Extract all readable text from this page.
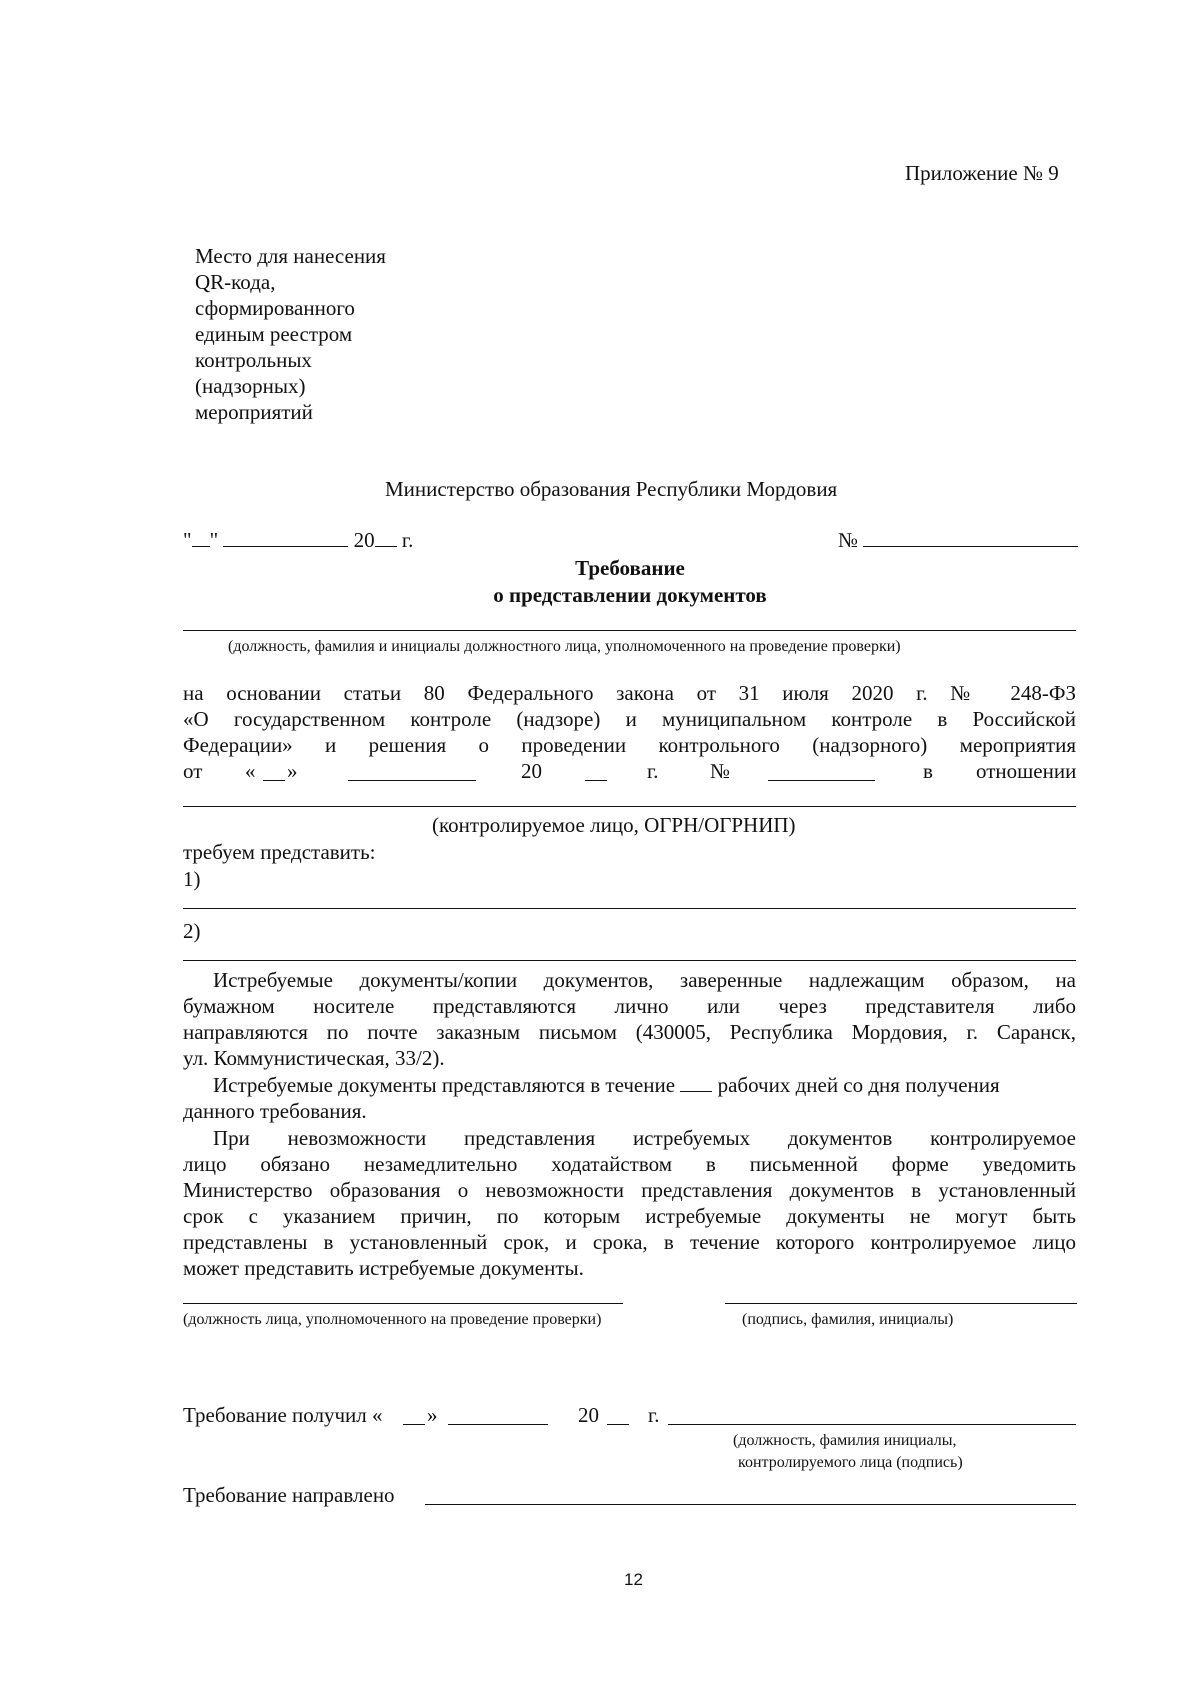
Приложение № 9
Место для нанесения
QR-кода,
сформированного
единым реестром
контрольных
(надзорных)
мероприятий
Министерство образования Республики Мордовия
" "	20 г.	№
Требование
о представлении документов
(должность, фамилия и инициалы должностного лица, уполномоченного на проведение проверки)
на основании статьи 80 Федерального закона от 31 июля 2020 г. № 248-ФЗ
«О государственном контроле (надзоре) и муниципальном контроле в Российской
Федерации» и решения о проведении контрольного (надзорного) мероприятия
от « »	20	г. №	в отношении
(контролируемое лицо, ОГРН/ОГРНИП)
требуем представить:
1)
2)
Истребуемые документы/копии документов, заверенные надлежащим образом, на
бумажном носителе представляются лично или через представителя либо
направляются по почте заказным письмом (430005, Республика Мордовия, г. Саранск,
ул. Коммунистическая, 33/2).
Истребуемые документы представляются в течение рабочих дней со дня получения
данного требования.
При невозможности представления истребуемых документов контролируемое
лицо обязано незамедлительно ходатайством в письменной форме уведомить
Министерство образования о невозможности представления документов в установленный
срок с указанием причин, по которым истребуемые документы не могут быть
представлены в установленный срок, и срока, в течение которого контролируемое лицо
может представить истребуемые документы.
(должность лица, уполномоченного на проведение проверки)	(подпись, фамилия, инициалы)
Требование получил « »	20 г.
(должность, фамилия инициалы,
контролируемого лица (подпись)
Требование направлено
12
